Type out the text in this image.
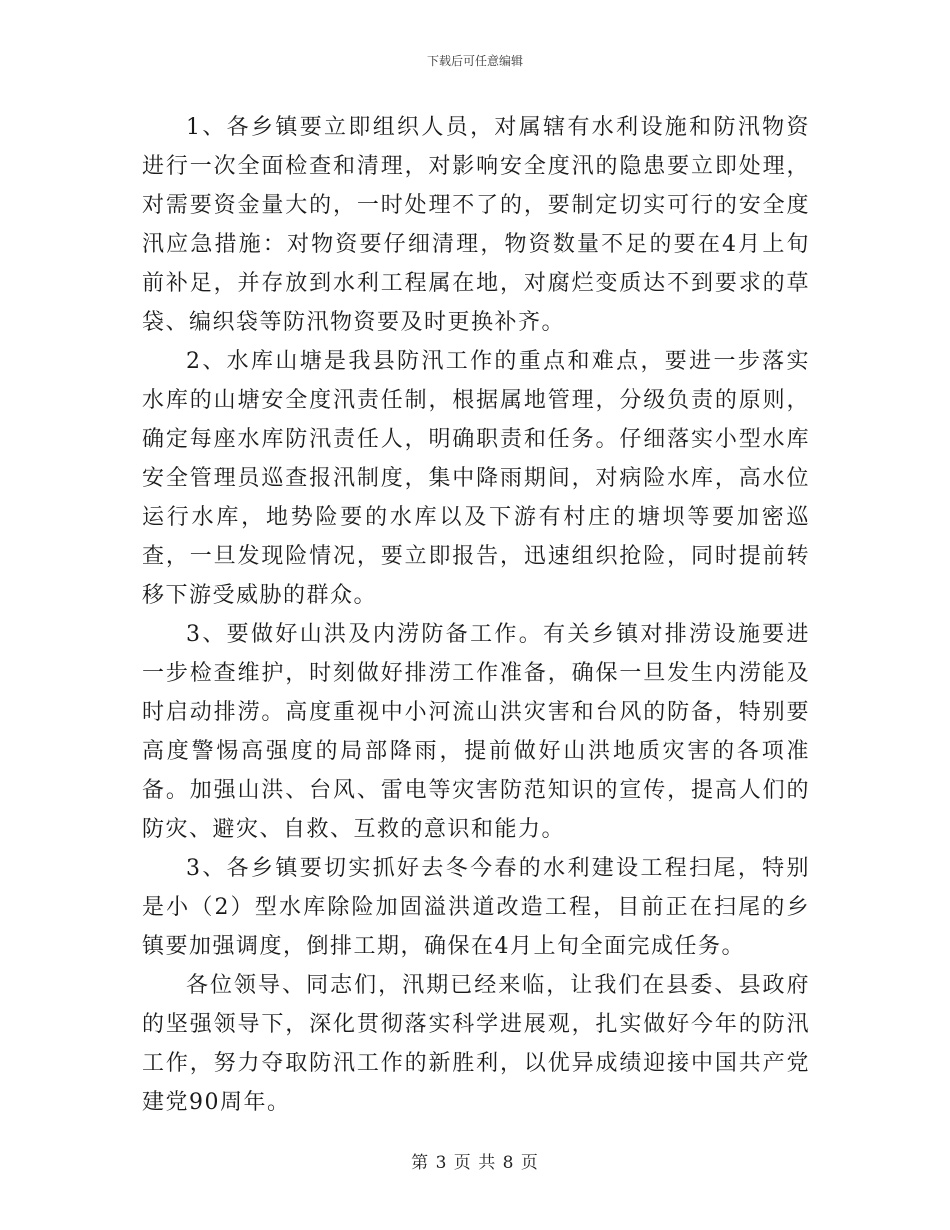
下载后可任意编辑

1、各乡镇要立即组织人员，对属辖有水利设施和防汛物资进行一次全面检查和清理，对影响安全度汛的隐患要立即处理，对需要资金量大的，一时处理不了的，要制定切实可行的安全度汛应急措施：对物资要仔细清理，物资数量不足的要在4月上旬前补足，并存放到水利工程属在地，对腐烂变质达不到要求的草袋、编织袋等防汛物资要及时更换补齐。

2、水库山塘是我县防汛工作的重点和难点，要进一步落实水库的山塘安全度汛责任制，根据属地管理，分级负责的原则，确定每座水库防汛责任人，明确职责和任务。仔细落实小型水库安全管理员巡查报汛制度，集中降雨期间，对病险水库，高水位运行水库，地势险要的水库以及下游有村庄的塘坝等要加密巡查，一旦发现险情况，要立即报告，迅速组织抢险，同时提前转移下游受威胁的群众。

3、要做好山洪及内涝防备工作。有关乡镇对排涝设施要进一步检查维护，时刻做好排涝工作准备，确保一旦发生内涝能及时启动排涝。高度重视中小河流山洪灾害和台风的防备，特别要高度警惕高强度的局部降雨，提前做好山洪地质灾害的各项准备。加强山洪、台风、雷电等灾害防范知识的宣传，提高人们的防灾、避灾、自救、互救的意识和能力。

3、各乡镇要切实抓好去冬今春的水利建设工程扫尾，特别是小（2）型水库除险加固溢洪道改造工程，目前正在扫尾的乡镇要加强调度，倒排工期，确保在4月上旬全面完成任务。

各位领导、同志们，汛期已经来临，让我们在县委、县政府的坚强领导下，深化贯彻落实科学进展观，扎实做好今年的防汛工作，努力夺取防汛工作的新胜利，以优异成绩迎接中国共产党建党90周年。

第 3 页 共 8 页
